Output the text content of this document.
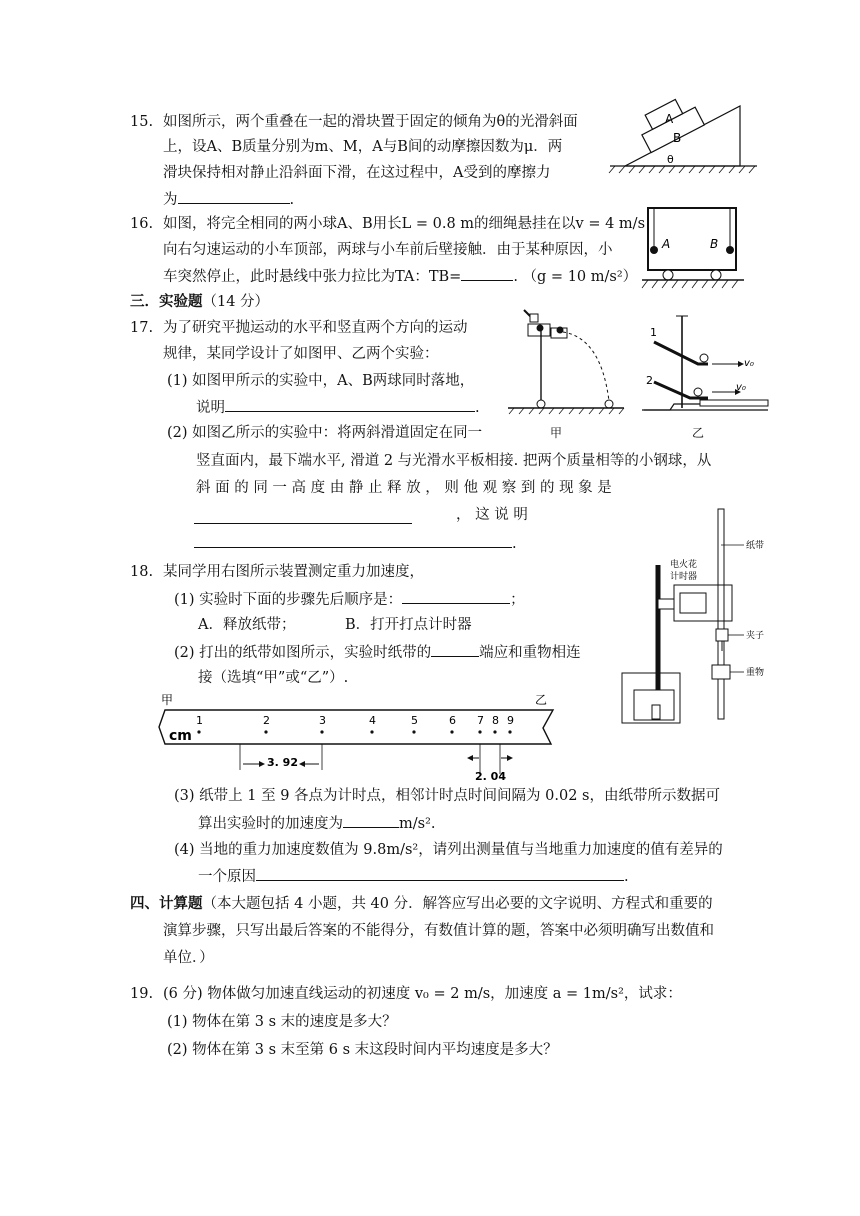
15. 如图所示，两个重叠在一起的滑块置于固定的倾角为θ的光滑斜面
上，设A、B质量分别为m、M，A与B间的动摩擦因数为μ．两
滑块保持相对静止沿斜面下滑，在这过程中，A受到的摩擦力
为	.
A
B
θ
16. 如图，将完全相同的两小球A、B用长L = 0.8 m的细绳悬挂在以v = 4 m/s
向右匀速运动的小车顶部，两球与小车前后壁接触．由于某种原因，小
车突然停止，此时悬线中张力拉比为TA：TB=	. （g = 10 m/s²）
A	B
三．实验题（14 分）
17. 为了研究平抛运动的水平和竖直两个方向的运动
规律，某同学设计了如图甲、乙两个实验：
(1) 如图甲所示的实验中，A、B两球同时落地，
说明	.
(2) 如图乙所示的实验中：将两斜滑道固定在同一
竖直面内，最下端水平, 滑道 2 与光滑水平板相接. 把两个质量相等的小钢球，从
斜 面 的 同 一 高 度 由 静 止 释 放 ， 则 他 观 察 到 的 现 象 是
， 这 说 明
.
甲
1
v₀
2
v₀
乙
18. 某同学用右图所示装置测定重力加速度，
(1) 实验时下面的步骤先后顺序是：	；
A．释放纸带；	B．打开打点计时器
(2) 打出的纸带如图所示，实验时纸带的	端应和重物相连
接（选填“甲”或“乙”）.
甲	乙
cm
1	2	3	4	5	6 7 8 9
3. 92
2. 04
(3) 纸带上 1 至 9 各点为计时点，相邻计时点时间间隔为 0.02 s，由纸带所示数据可
算出实验时的加速度为	m/s².
(4) 当地的重力加速度数值为 9.8m/s²，请列出测量值与当地重力加速度的值有差异的
一个原因	.
纸带
电火花
计时器
夹子
重物
四、计算题（本大题包括 4 小题，共 40 分．解答应写出必要的文字说明、方程式和重要的
演算步骤，只写出最后答案的不能得分，有数值计算的题，答案中必须明确写出数值和
单位．）
19. (6 分) 物体做匀加速直线运动的初速度 v₀ = 2 m/s，加速度 a = 1m/s²，试求：
(1) 物体在第 3 s 末的速度是多大？
(2) 物体在第 3 s 末至第 6 s 末这段时间内平均速度是多大？
